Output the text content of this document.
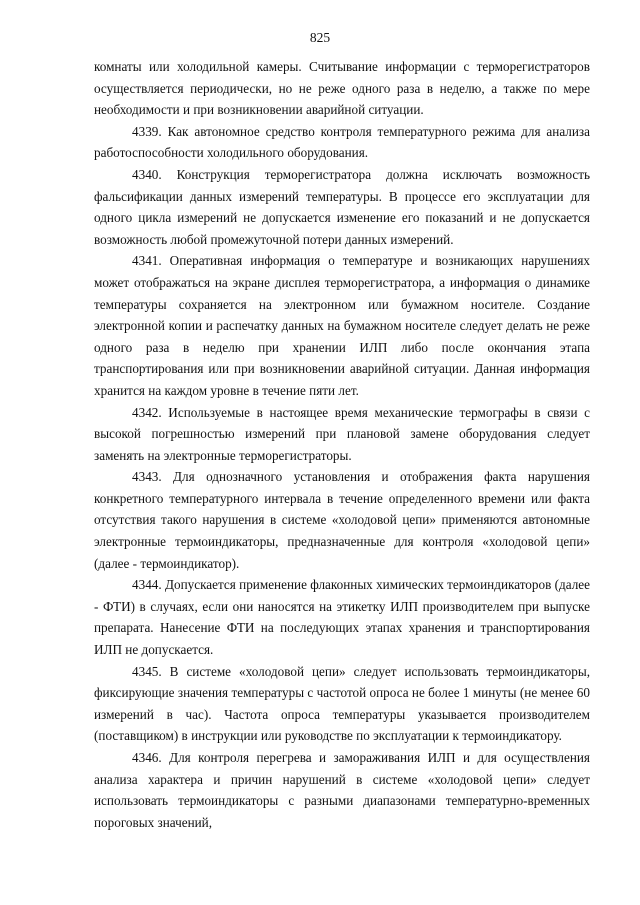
825

комнаты или холодильной камеры. Считывание информации с терморегистраторов осуществляется периодически, но не реже одного раза в неделю, а также по мере необходимости и при возникновении аварийной ситуации.

4339. Как автономное средство контроля температурного режима для анализа работоспособности холодильного оборудования.

4340. Конструкция терморегистратора должна исключать возможность фальсификации данных измерений температуры. В процессе его эксплуатации для одного цикла измерений не допускается изменение его показаний и не допускается возможность любой промежуточной потери данных измерений.

4341. Оперативная информация о температуре и возникающих нарушениях может отображаться на экране дисплея терморегистратора, а информация о динамике температуры сохраняется на электронном или бумажном носителе. Создание электронной копии и распечатку данных на бумажном носителе следует делать не реже одного раза в неделю при хранении ИЛП либо после окончания этапа транспортирования или при возникновении аварийной ситуации. Данная информация хранится на каждом уровне в течение пяти лет.

4342. Используемые в настоящее время механические термографы в связи с высокой погрешностью измерений при плановой замене оборудования следует заменять на электронные терморегистраторы.

4343. Для однозначного установления и отображения факта нарушения конкретного температурного интервала в течение определенного времени или факта отсутствия такого нарушения в системе «холодовой цепи» применяются автономные электронные термоиндикаторы, предназначенные для контроля «холодовой цепи» (далее - термоиндикатор).

4344. Допускается применение флаконных химических термоиндикаторов (далее - ФТИ) в случаях, если они наносятся на этикетку ИЛП производителем при выпуске препарата. Нанесение ФТИ на последующих этапах хранения и транспортирования ИЛП не допускается.

4345. В системе «холодовой цепи» следует использовать термоиндикаторы, фиксирующие значения температуры с частотой опроса не более 1 минуты (не менее 60 измерений в час). Частота опроса температуры указывается производителем (поставщиком) в инструкции или руководстве по эксплуатации к термоиндикатору.

4346. Для контроля перегрева и замораживания ИЛП и для осуществления анализа характера и причин нарушений в системе «холодовой цепи» следует использовать термоиндикаторы с разными диапазонами температурно-временных пороговых значений,
